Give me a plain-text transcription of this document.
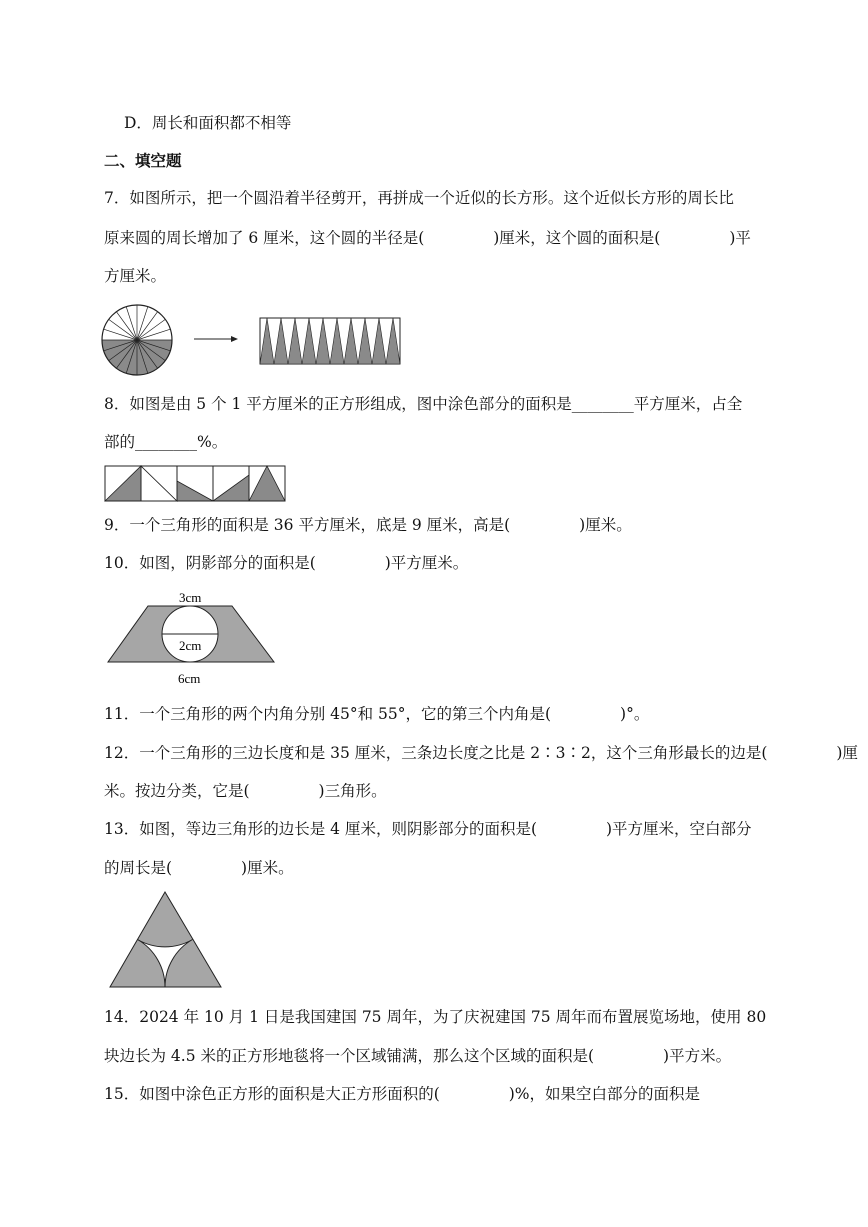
D．周长和面积都不相等
二、填空题
7．如图所示，把一个圆沿着半径剪开，再拼成一个近似的长方形。这个近似长方形的周长比
原来圆的周长增加了 6 厘米，这个圆的半径是(              )厘米，这个圆的面积是(              )平
方厘米。
8．如图是由 5 个 1 平方厘米的正方形组成，图中涂色部分的面积是________平方厘米，占全
部的________%。
9．一个三角形的面积是 36 平方厘米，底是 9 厘米，高是(              )厘米。
10．如图，阴影部分的面积是(              )平方厘米。
3cm
2cm
6cm
11．一个三角形的两个内角分别 45°和 55°，它的第三个内角是(              )°。
12．一个三角形的三边长度和是 35 厘米，三条边长度之比是 2∶3∶2，这个三角形最长的边是(              )厘
米。按边分类，它是(              )三角形。
13．如图，等边三角形的边长是 4 厘米，则阴影部分的面积是(              )平方厘米，空白部分
的周长是(              )厘米。
14．2024 年 10 月 1 日是我国建国 75 周年，为了庆祝建国 75 周年而布置展览场地，使用 80
块边长为 4.5 米的正方形地毯将一个区域铺满，那么这个区域的面积是(              )平方米。
15．如图中涂色正方形的面积是大正方形面积的(              )%，如果空白部分的面积是
